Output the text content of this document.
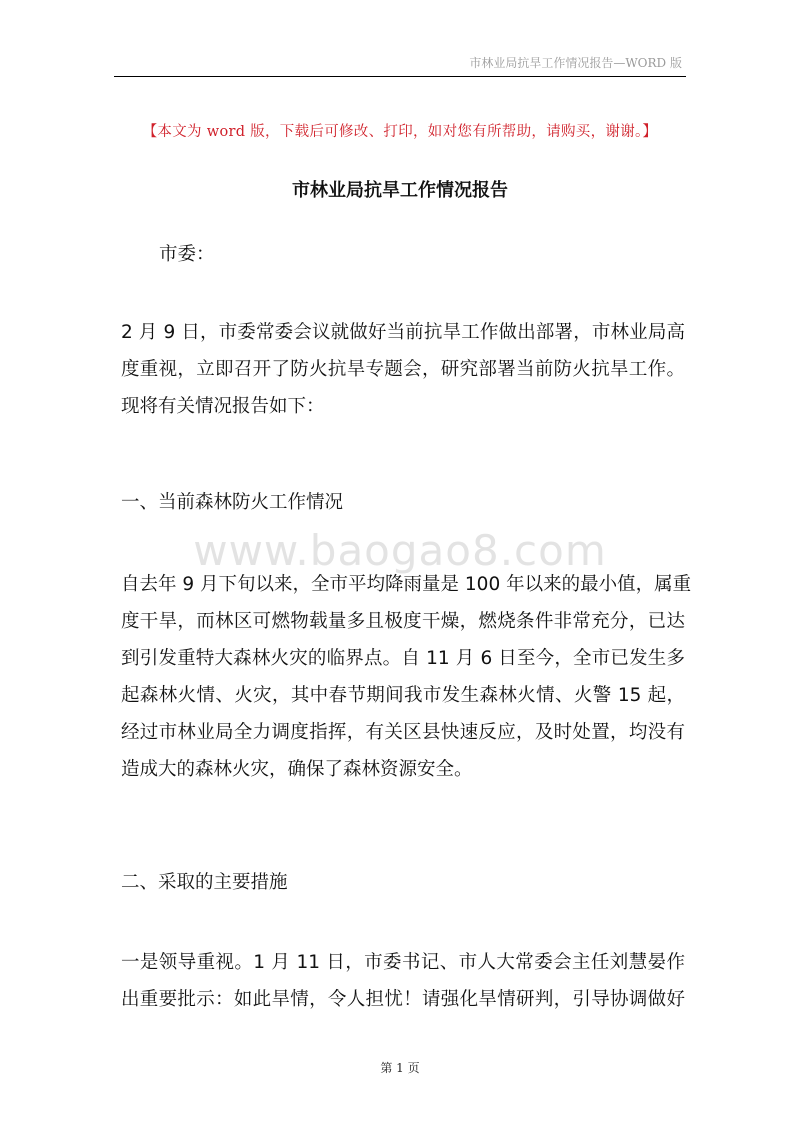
市林业局抗旱工作情况报告—WORD 版
【本文为 word 版，下载后可修改、打印，如对您有所帮助，请购买，谢谢。】
市林业局抗旱工作情况报告
市委：
2 月 9 日，市委常委会议就做好当前抗旱工作做出部署，市林业局高
度重视，立即召开了防火抗旱专题会，研究部署当前防火抗旱工作。
现将有关情况报告如下：
一、当前森林防火工作情况
www.baogao8.com
自去年 9 月下旬以来，全市平均降雨量是 100 年以来的最小值，属重
度干旱，而林区可燃物载量多且极度干燥，燃烧条件非常充分，已达
到引发重特大森林火灾的临界点。自 11 月 6 日至今，全市已发生多
起森林火情、火灾，其中春节期间我市发生森林火情、火警 15 起，
经过市林业局全力调度指挥，有关区县快速反应，及时处置，均没有
造成大的森林火灾，确保了森林资源安全。
二、采取的主要措施
一是领导重视。1 月 11 日，市委书记、市人大常委会主任刘慧晏作
出重要批示：如此旱情，令人担忧！请强化旱情研判，引导协调做好
第 1 页
